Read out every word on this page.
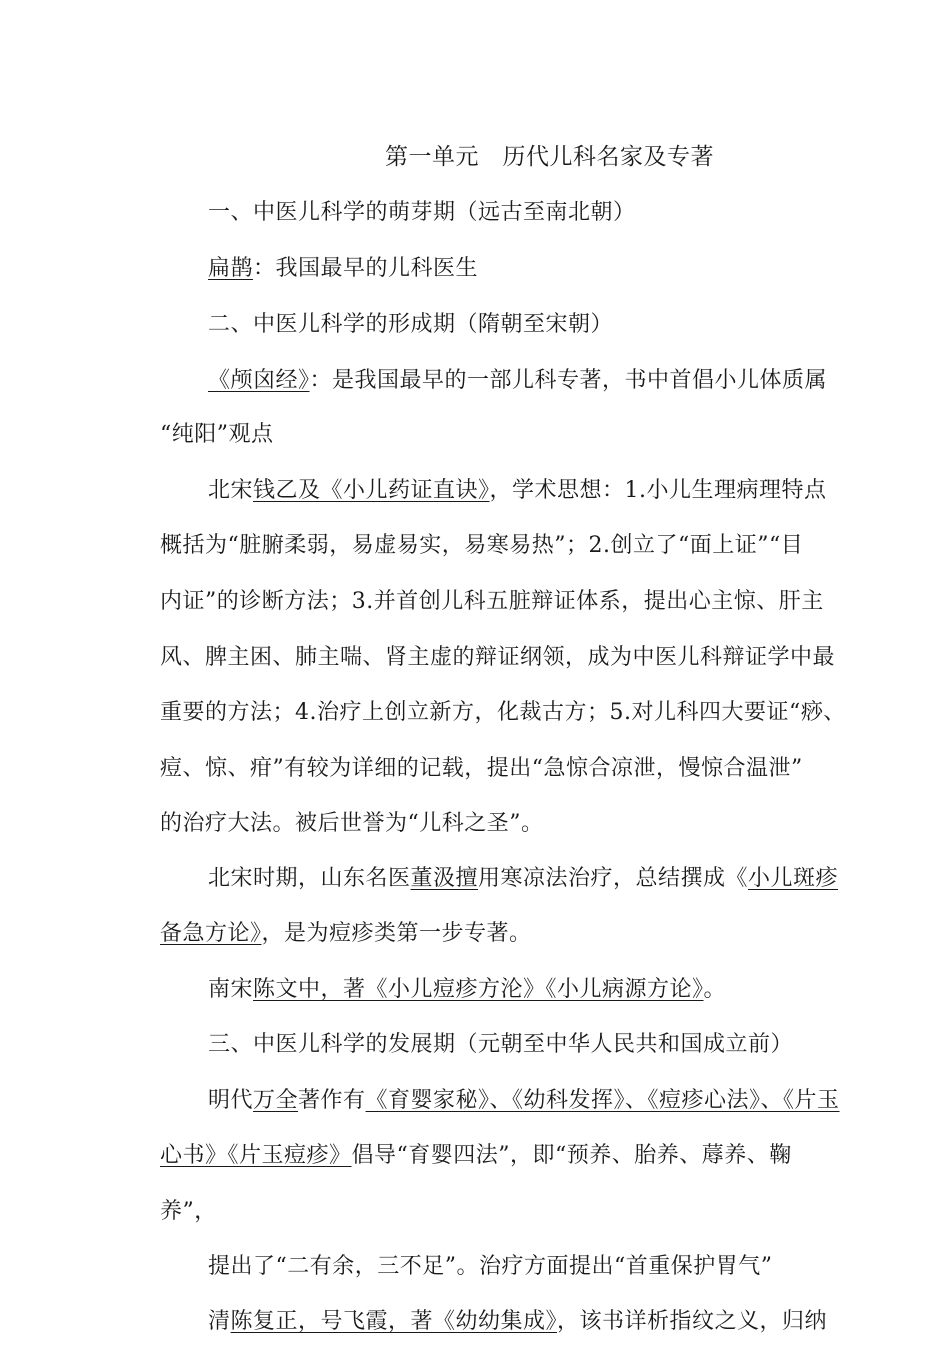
第一单元　历代儿科名家及专著
一、中医儿科学的萌芽期（远古至南北朝）
扁鹊：我国最早的儿科医生
二、中医儿科学的形成期（隋朝至宋朝）
《颅囟经》：是我国最早的一部儿科专著，书中首倡小儿体质属
“纯阳”观点
北宋钱乙及《小儿药证直诀》，学术思想：1.小儿生理病理特点
概括为“脏腑柔弱，易虚易实，易寒易热”；2.创立了“面上证”“目
内证”的诊断方法；3.并首创儿科五脏辩证体系，提出心主惊、肝主
风、脾主困、肺主喘、肾主虚的辩证纲领，成为中医儿科辩证学中最
重要的方法；4.治疗上创立新方，化裁古方；5.对儿科四大要证“痧、
痘、惊、疳”有较为详细的记载，提出“急惊合凉泄，慢惊合温泄”
的治疗大法。被后世誉为“儿科之圣”。
北宋时期，山东名医董汲擅用寒凉法治疗，总结撰成《小儿斑疹
备急方论》，是为痘疹类第一步专著。
南宋陈文中，著《小儿痘疹方沦》《小儿病源方论》。
三、中医儿科学的发展期（元朝至中华人民共和国成立前）
明代万全著作有《育婴家秘》、《幼科发挥》、《痘疹心法》、《片玉
心书》《片玉痘疹》倡导“育婴四法”，即“预养、胎养、蓐养、鞠
养”，
提出了“二有余，三不足”。治疗方面提出“首重保护胃气”
清陈复正，号飞霞，著《幼幼集成》，该书详析指纹之义，归纳
